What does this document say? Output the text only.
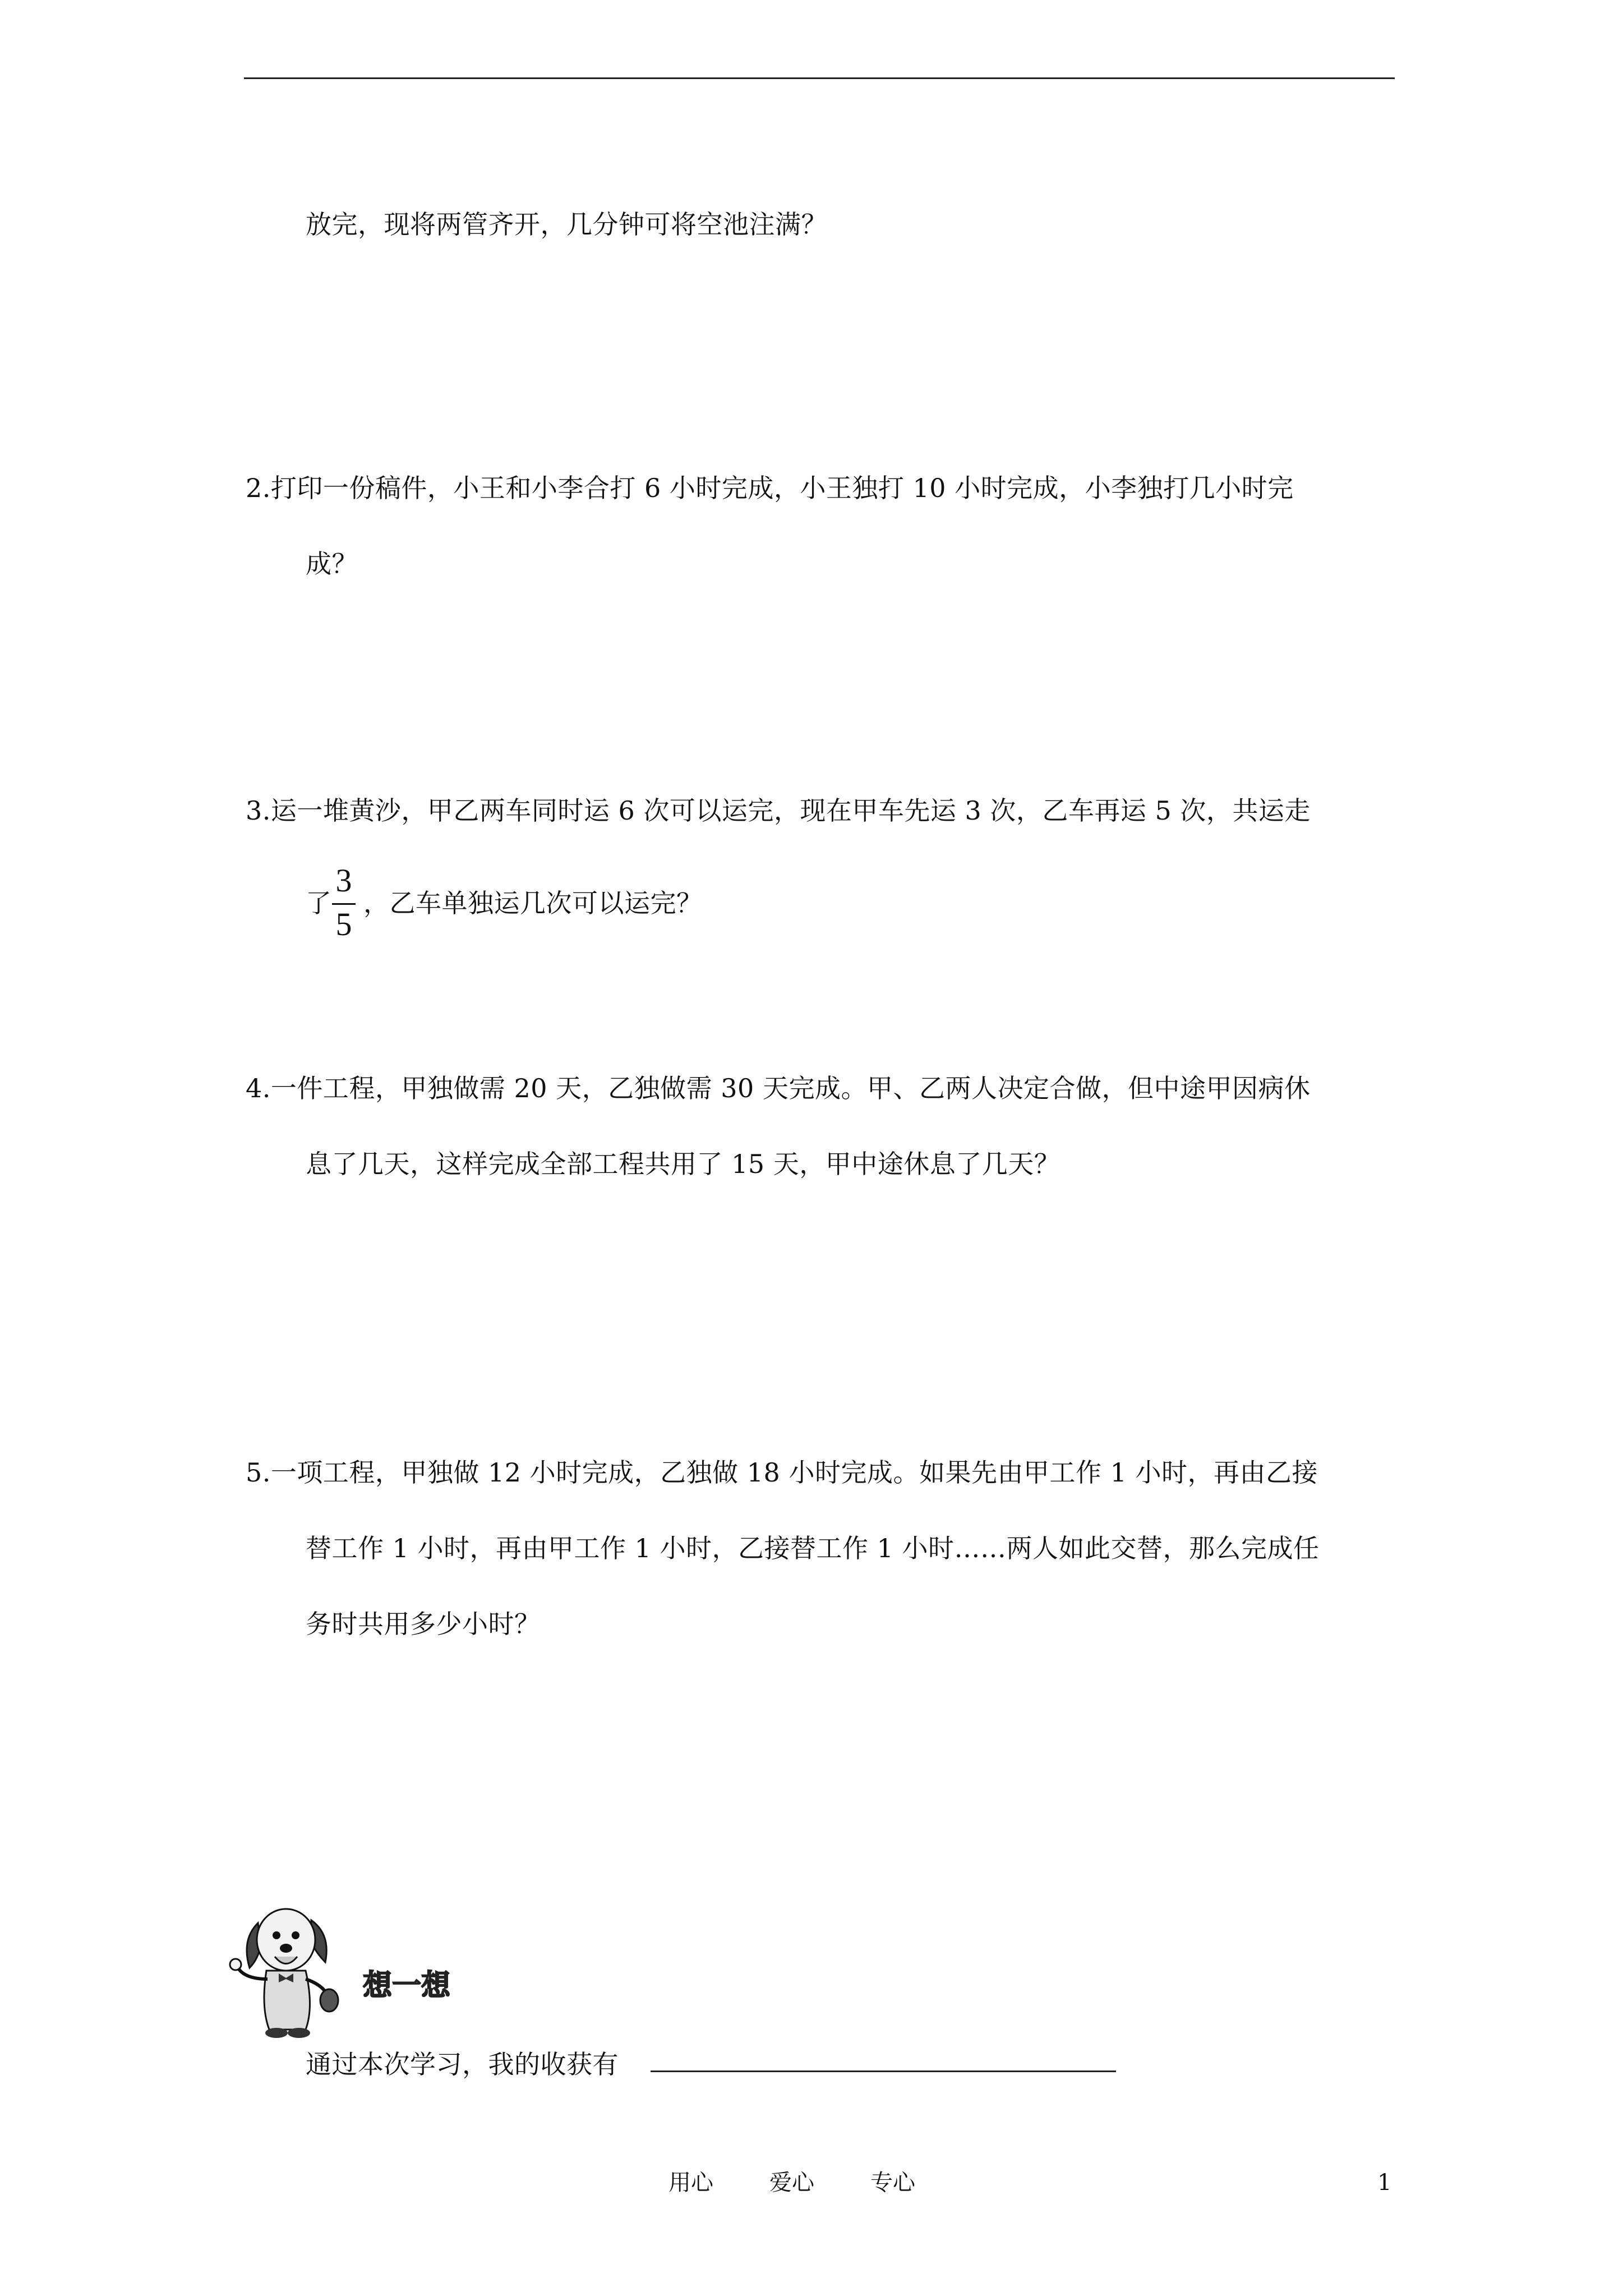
放完，现将两管齐开，几分钟可将空池注满？
2.打印一份稿件，小王和小李合打 6 小时完成，小王独打 10 小时完成，小李独打几小时完
成？
3.运一堆黄沙，甲乙两车同时运 6 次可以运完，现在甲车先运 3 次，乙车再运 5 次，共运走
了
3
5
，乙车单独运几次可以运完？
4.一件工程，甲独做需 20 天，乙独做需 30 天完成。甲、乙两人决定合做，但中途甲因病休
息了几天，这样完成全部工程共用了 15 天，甲中途休息了几天？
5.一项工程，甲独做 12 小时完成，乙独做 18 小时完成。如果先由甲工作 1 小时，再由乙接
替工作 1 小时，再由甲工作 1 小时，乙接替工作 1 小时……两人如此交替，那么完成任
务时共用多少小时？
想一想
通过本次学习，我的收获有
用心	爱心	专心	1
